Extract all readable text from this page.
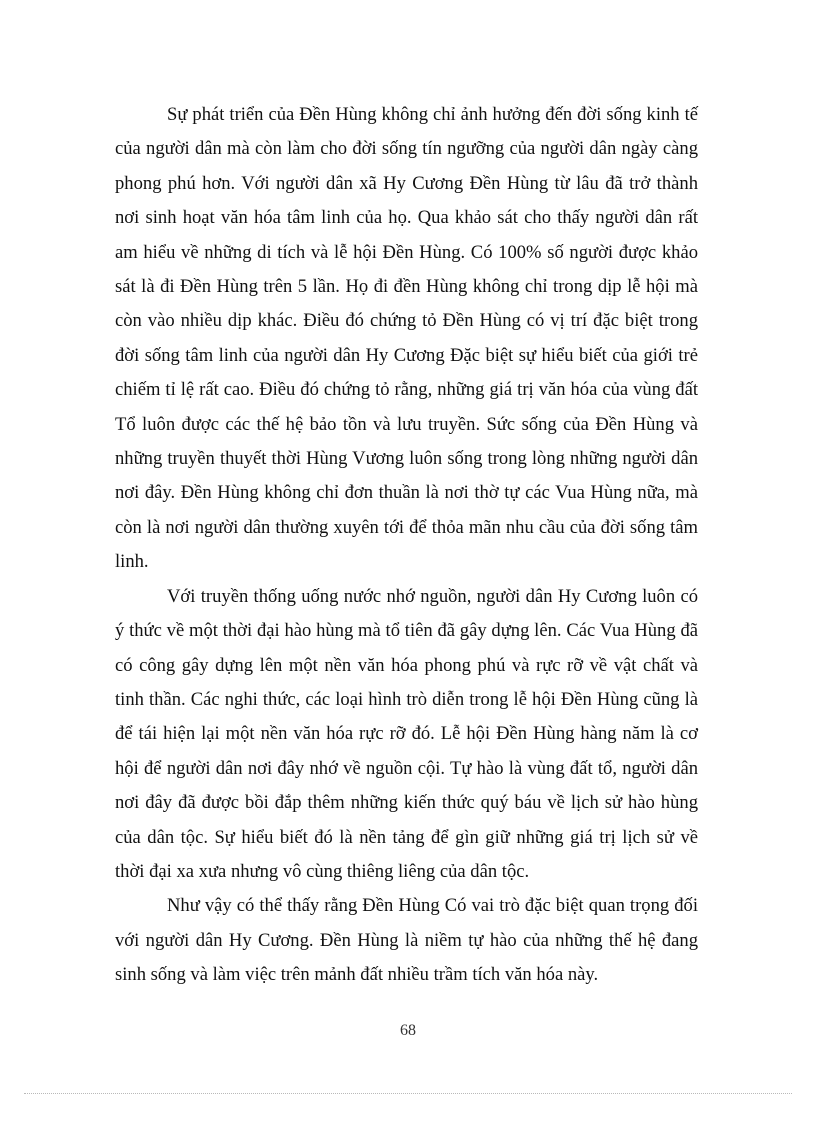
Sự phát triển của Đền Hùng không chỉ ảnh hưởng đến đời sống kinh tế của người dân mà còn làm cho đời sống tín ngưỡng của người dân ngày càng phong phú hơn. Với người dân xã Hy Cương Đền Hùng từ lâu đã trở thành nơi sinh hoạt văn hóa tâm linh của họ. Qua khảo sát cho thấy người dân rất am hiểu về những di tích và lễ hội Đền Hùng. Có 100% số người được khảo sát là đi Đền Hùng trên 5 lần. Họ đi đền Hùng không chỉ trong dịp lễ hội mà còn vào nhiều dịp khác. Điều đó chứng tỏ Đền Hùng có vị trí đặc biệt trong đời sống tâm linh của người dân Hy Cương Đặc biệt sự hiểu biết của giới trẻ chiếm tỉ lệ rất cao. Điều đó chứng tỏ rằng, những giá trị văn hóa của vùng đất Tổ luôn được các thế hệ bảo tồn và lưu truyền. Sức sống của Đền Hùng và những truyền thuyết thời Hùng Vương luôn sống trong lòng những người dân nơi đây. Đền Hùng không chỉ đơn thuần là nơi thờ tự các Vua Hùng nữa, mà còn là nơi người dân thường xuyên tới để thỏa mãn nhu cầu của đời sống tâm linh.

Với truyền thống uống nước nhớ nguồn, người dân Hy Cương luôn có ý thức về một thời đại hào hùng mà tổ tiên đã gây dựng lên. Các Vua Hùng đã có công gây dựng lên một nền văn hóa phong phú và rực rỡ về vật chất và tinh thần. Các nghi thức, các loại hình trò diễn trong lễ hội Đền Hùng cũng là để tái hiện lại một nền văn hóa rực rỡ đó. Lễ hội Đền Hùng hàng năm là cơ hội để người dân nơi đây nhớ về nguồn cội. Tự hào là vùng đất tổ, người dân nơi đây đã được bồi đắp thêm những kiến thức quý báu về lịch sử hào hùng của dân tộc. Sự hiểu biết đó là nền tảng để gìn giữ những giá trị lịch sử về thời đại xa xưa nhưng vô cùng thiêng liêng của dân tộc.

Như vậy có thể thấy rằng Đền Hùng Có vai trò đặc biệt quan trọng đối với người dân Hy Cương. Đền Hùng là niềm tự hào của những thế hệ đang sinh sống và làm việc trên mảnh đất nhiều trầm tích văn hóa này.

68
